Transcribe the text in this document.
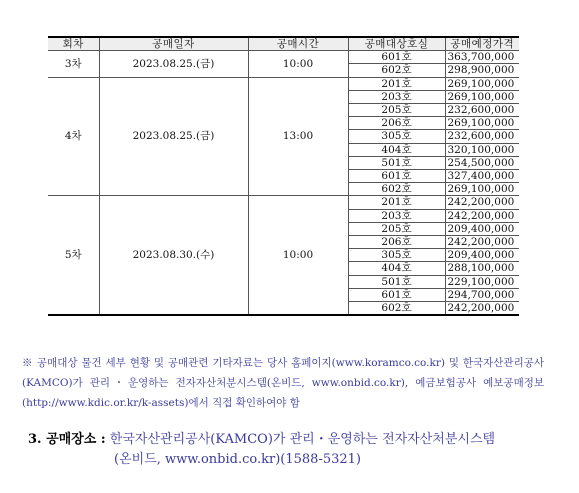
회차	공매일자	공매시간	공매대상호실	공매예정가격
3차	2023.08.25.(금)	10:00	601호	363,700,000
			602호	298,900,000
4차	2023.08.25.(금)	13:00	201호	269,100,000
			203호	269,100,000
			205호	232,600,000
			206호	269,100,000
			305호	232,600,000
			404호	320,100,000
			501호	254,500,000
			601호	327,400,000
			602호	269,100,000
5차	2023.08.30.(수)	10:00	201호	242,200,000
			203호	242,200,000
			205호	209,400,000
			206호	242,200,000
			305호	209,400,000
			404호	288,100,000
			501호	229,100,000
			601호	294,700,000
			602호	242,200,000

※ 공매대상 물건 세부 현황 및 공매관련 기타자료는 당사 홈페이지(www.koramco.co.kr) 및 한국자산관리공사(KAMCO)가 관리・운영하는 전자자산처분시스템(온비드, www.onbid.co.kr), 예금보험공사 예보공매정보(http://www.kdic.or.kr/k-assets)에서 직접 확인하여야 함

3. 공매장소 : 한국자산관리공사(KAMCO)가 관리・운영하는 전자자산처분시스템
(온비드, www.onbid.co.kr)(1588-5321)
